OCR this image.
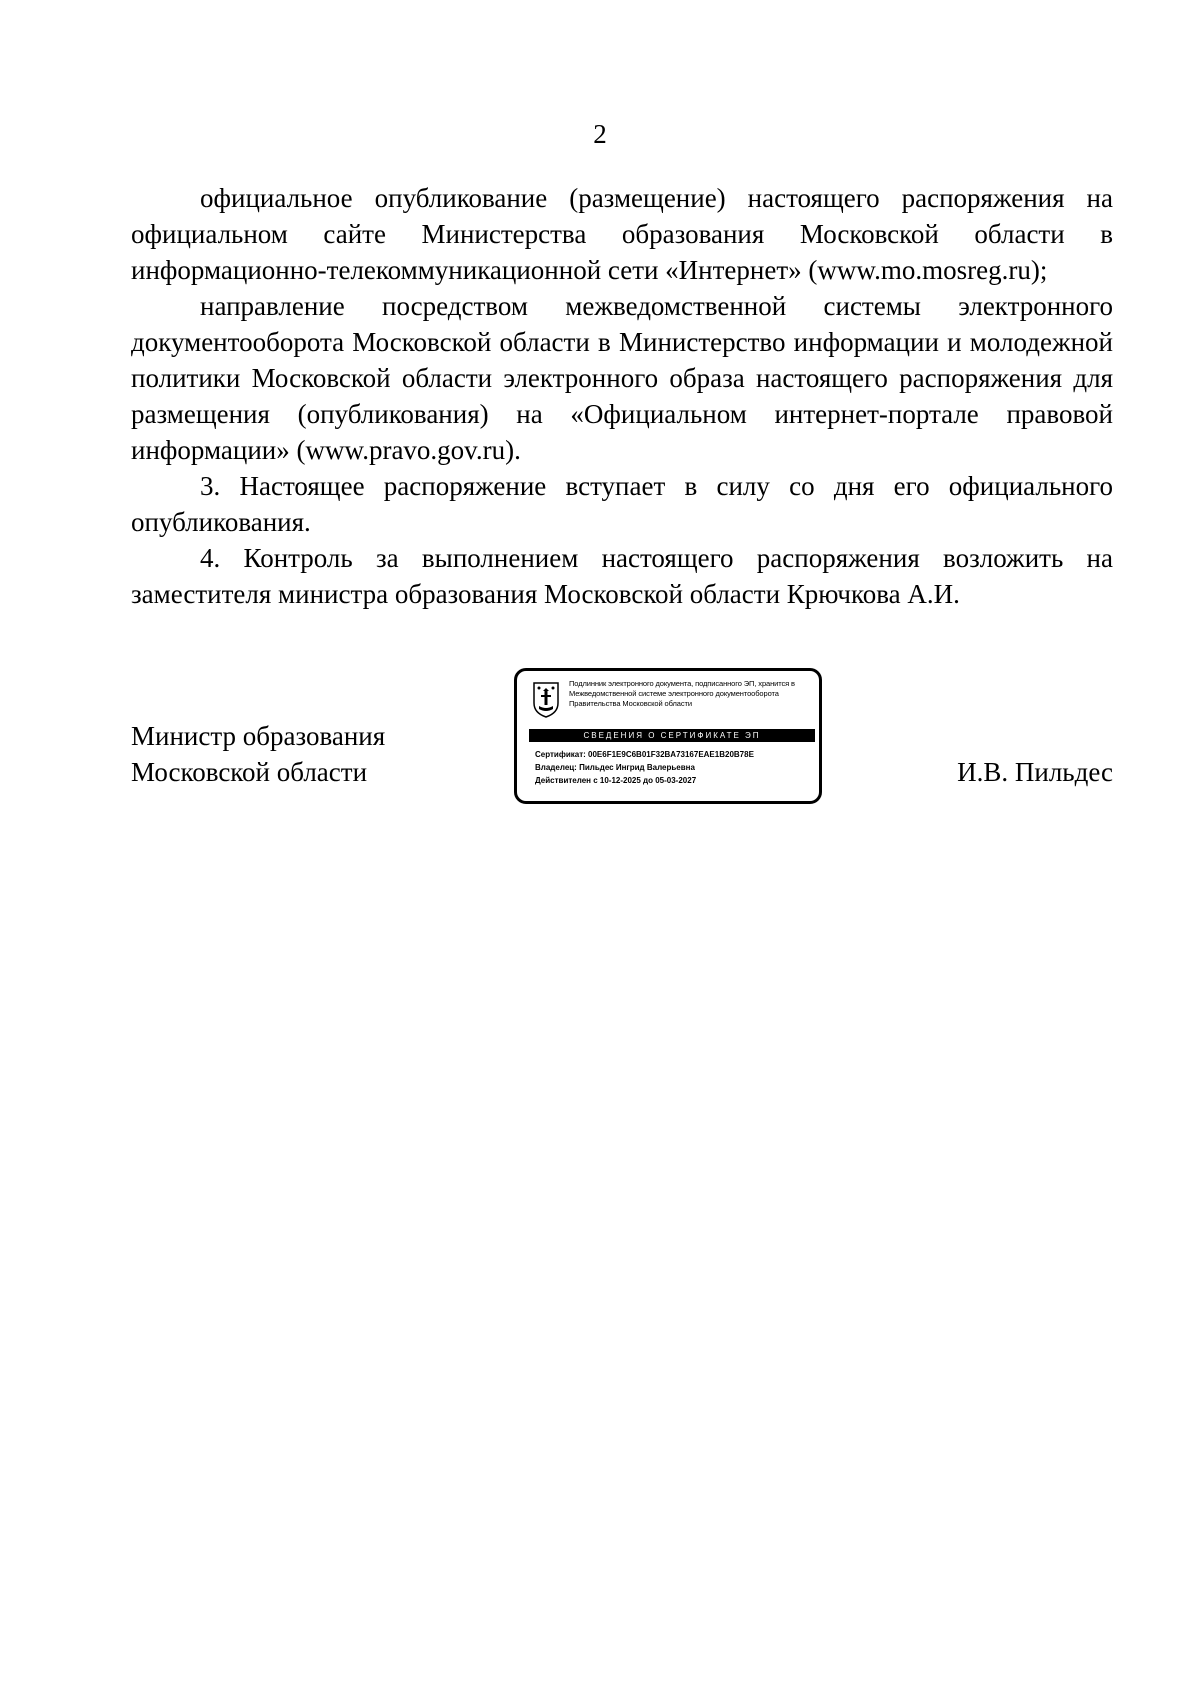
2

официальное опубликование (размещение) настоящего распоряжения на официальном сайте Министерства образования Московской области в информационно-телекоммуникационной сети «Интернет» (www.mo.mosreg.ru);

направление посредством межведомственной системы электронного документооборота Московской области в Министерство информации и молодежной политики Московской области электронного образа настоящего распоряжения для размещения (опубликования) на «Официальном интернет-портале правовой информации» (www.pravo.gov.ru).

3. Настоящее распоряжение вступает в силу со дня его официального опубликования.

4. Контроль за выполнением настоящего распоряжения возложить на заместителя министра образования Московской области Крючкова А.И.

Министр образования
Московской области
Подлинник электронного документа, подписанного ЭП, хранится в Межведомственной системе электронного документооборота Правительства Московской области
СВЕДЕНИЯ О СЕРТИФИКАТЕ ЭП
Сертификат: 00E6F1E9C6B01F32BA73167EAE1B20B78E
Владелец: Пильдес Ингрид Валерьевна
Действителен с 10-12-2025 до 05-03-2027	И.В. Пильдес
